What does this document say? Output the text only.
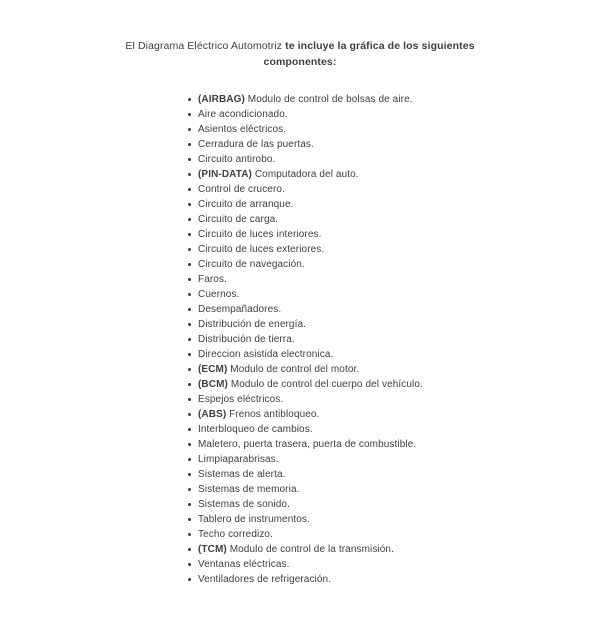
El Diagrama Eléctrico Automotriz te incluye la gráfica de los siguientes componentes:

(AIRBAG) Modulo de control de bolsas de aire.
Aire acondicionado.
Asientos eléctricos.
Cerradura de las puertas.
Circuito antirobo.
(PIN-DATA) Computadora del auto.
Control de crucero.
Circuito de arranque.
Circuito de carga.
Circuito de luces interiores.
Circuito de luces exteriores.
Circuito de navegación.
Faros.
Cuernos.
Desempañadores.
Distribución de energía.
Distribución de tierra.
Direccion asistida electronica.
(ECM) Modulo de control del motor.
(BCM) Modulo de control del cuerpo del vehículo.
Espejos eléctricos.
(ABS) Frenos antibloqueo.
Interbloqueo de cambios.
Maletero, puerta trasera, puerta de combustible.
Limpiaparabrisas.
Sistemas de alerta.
Sistemas de memoria.
Sistemas de sonido.
Tablero de instrumentos.
Techo corredizo.
(TCM) Modulo de control de la transmisión.
Ventanas eléctricas.
Ventiladores de refrigeración.
